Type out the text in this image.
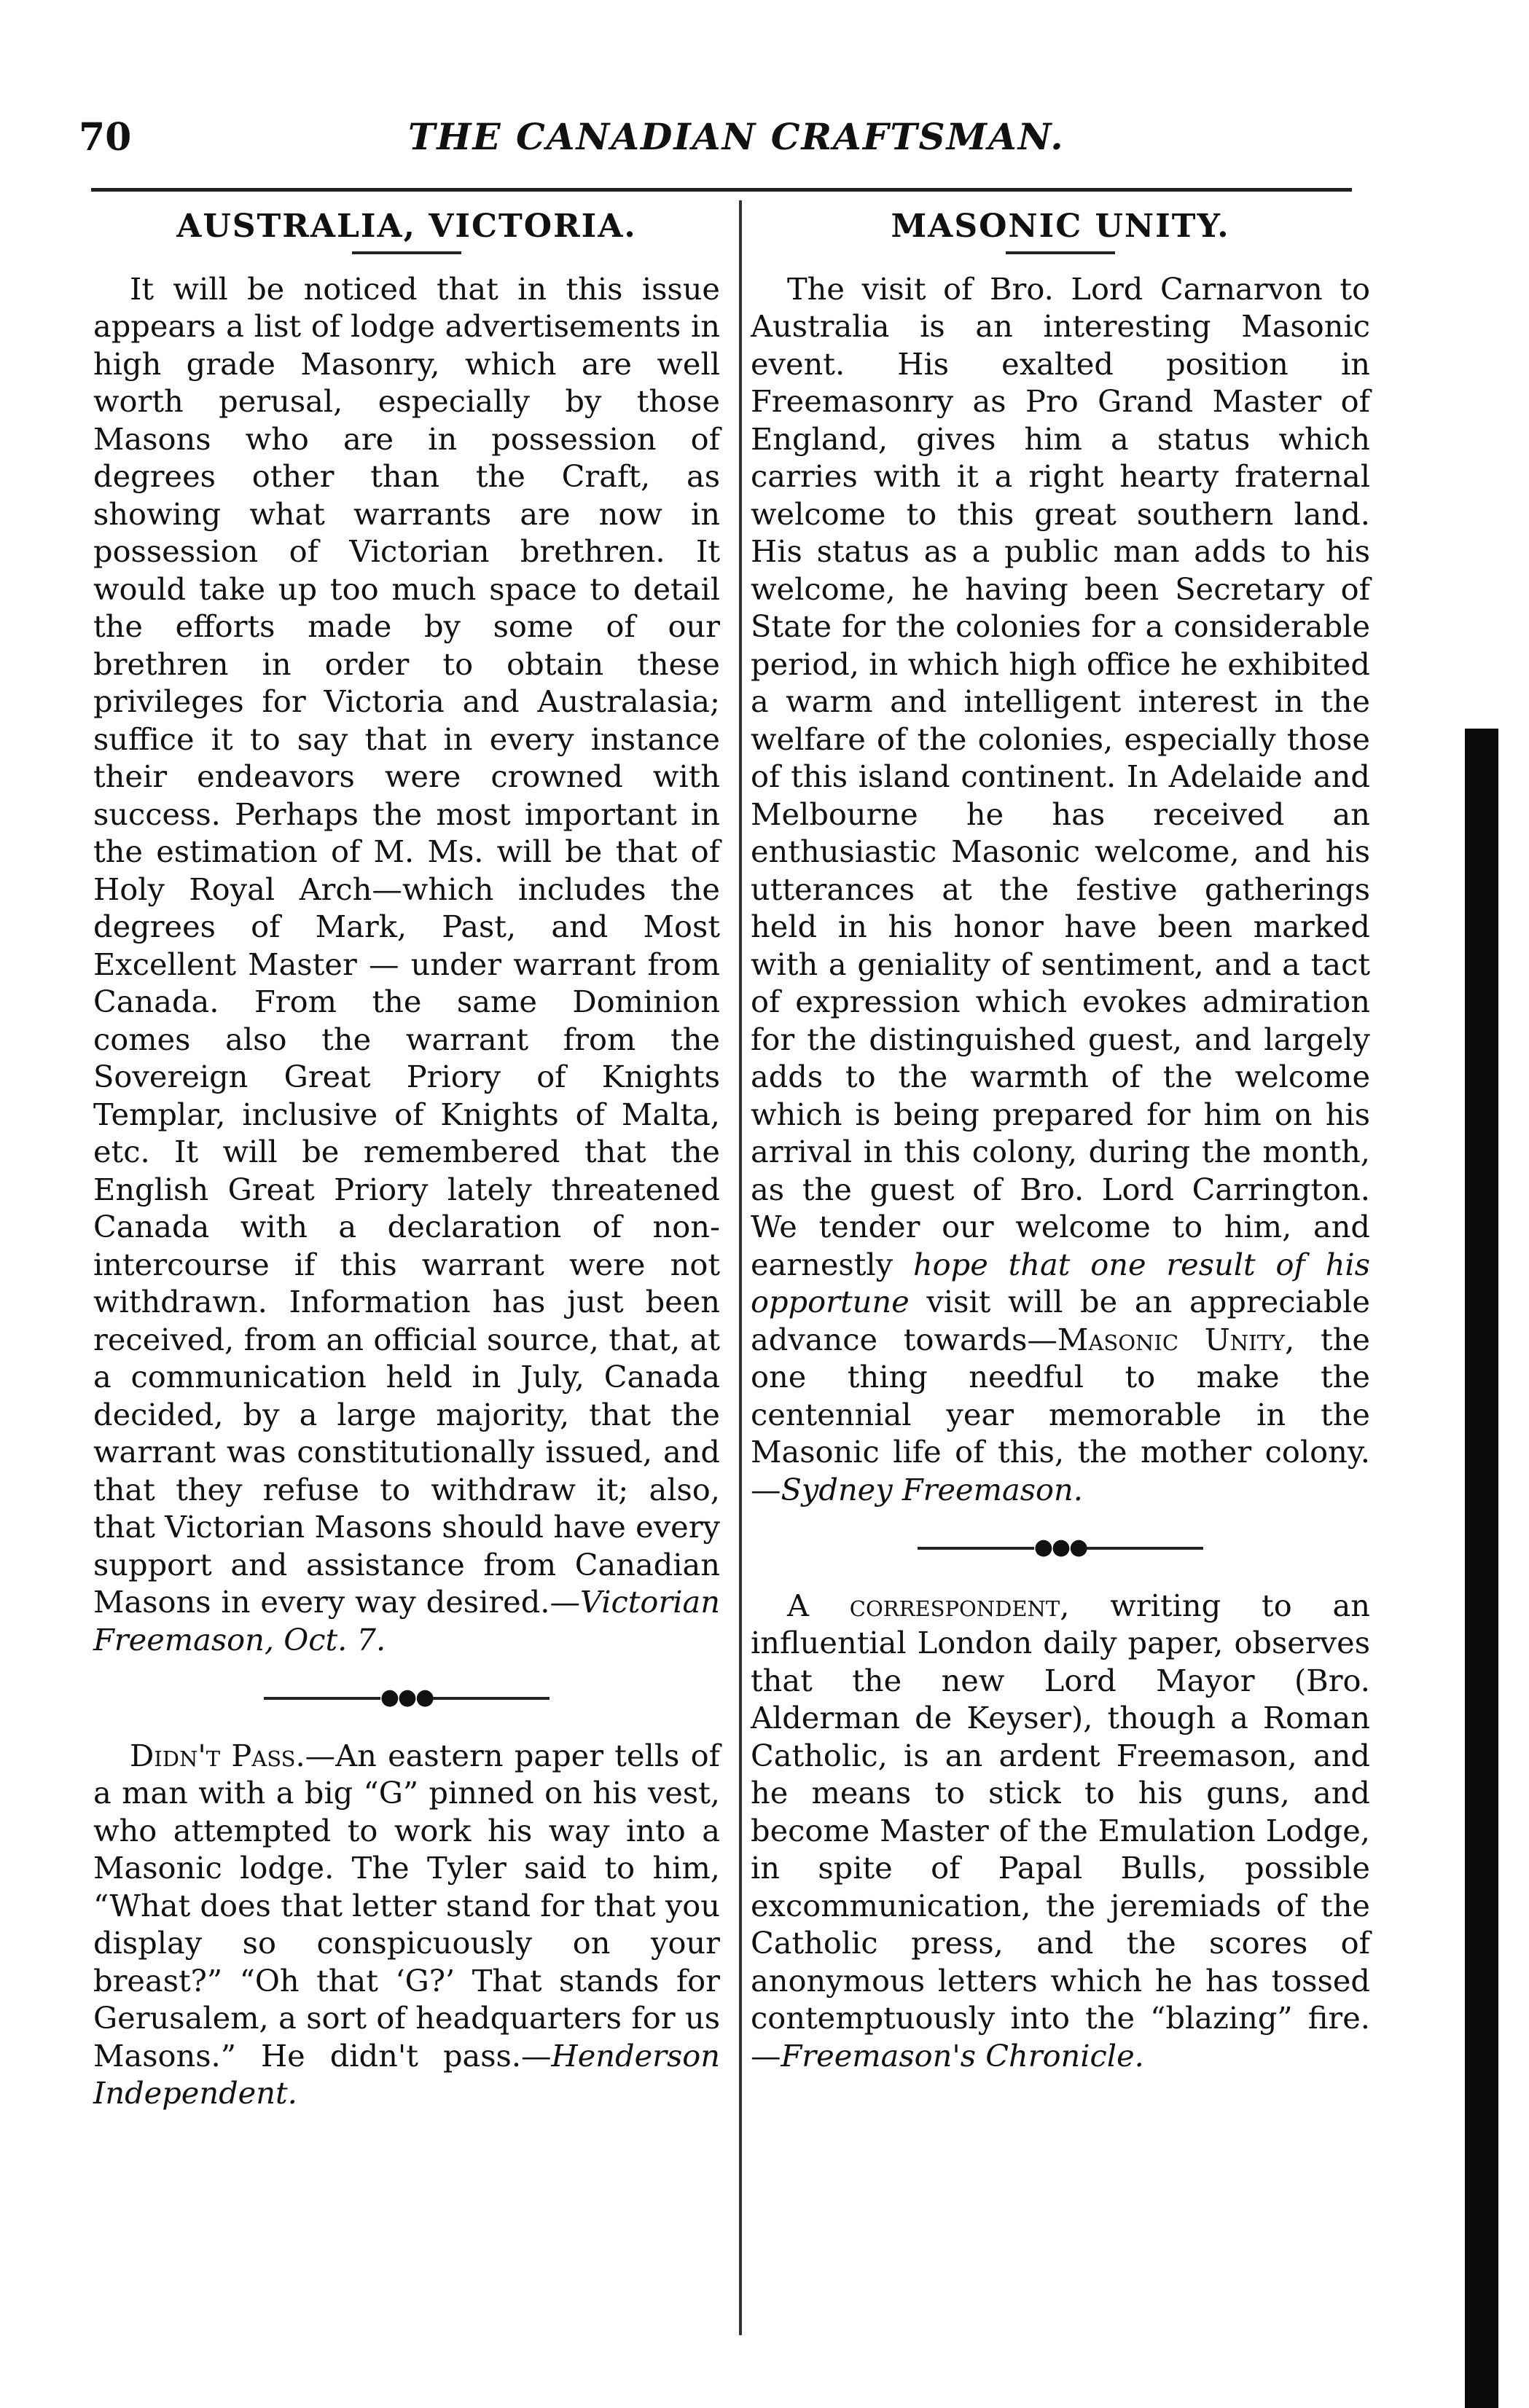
70	THE CANADIAN CRAFTSMAN.
AUSTRALIA, VICTORIA.

It will be noticed that in this issue appears a list of lodge advertisements in high grade Masonry, which are well worth perusal, especially by those Masons who are in possession of degrees other than the Craft, as showing what warrants are now in possession of Victorian brethren. It would take up too much space to detail the efforts made by some of our brethren in order to obtain these privileges for Victoria and Australasia; suffice it to say that in every instance their endeavors were crowned with success. Perhaps the most important in the estimation of M. Ms. will be that of Holy Royal Arch—which includes the degrees of Mark, Past, and Most Excellent Master — under warrant from Canada. From the same Dominion comes also the warrant from the Sovereign Great Priory of Knights Templar, inclusive of Knights of Malta, etc. It will be remembered that the English Great Priory lately threatened Canada with a declaration of non-intercourse if this warrant were not withdrawn. Information has just been received, from an official source, that, at a communication held in July, Canada decided, by a large majority, that the warrant was constitutionally issued, and that they refuse to withdraw it; also, that Victorian Masons should have every support and assistance from Canadian Masons in every way desired.—Victorian Freemason, Oct. 7.

●●●

Didn't Pass.—An eastern paper tells of a man with a big “G” pinned on his vest, who attempted to work his way into a Masonic lodge. The Tyler said to him, “What does that letter stand for that you display so conspicuously on your breast?” “Oh that ‘G?’ That stands for Gerusalem, a sort of headquarters for us Masons.” He didn't pass.—Henderson Independent.

MASONIC UNITY.

The visit of Bro. Lord Carnarvon to Australia is an interesting Masonic event. His exalted position in Freemasonry as Pro Grand Master of England, gives him a status which carries with it a right hearty fraternal welcome to this great southern land. His status as a public man adds to his welcome, he having been Secretary of State for the colonies for a considerable period, in which high office he exhibited a warm and intelligent interest in the welfare of the colonies, especially those of this island continent. In Adelaide and Melbourne he has received an enthusiastic Masonic welcome, and his utterances at the festive gatherings held in his honor have been marked with a geniality of sentiment, and a tact of expression which evokes admiration for the distinguished guest, and largely adds to the warmth of the welcome which is being prepared for him on his arrival in this colony, during the month, as the guest of Bro. Lord Carrington. We tender our welcome to him, and earnestly hope that one result of his opportune visit will be an appreciable advance towards—Masonic Unity, the one thing needful to make the centennial year memorable in the Masonic life of this, the mother colony.—Sydney Freemason.

●●●

A correspondent, writing to an influential London daily paper, observes that the new Lord Mayor (Bro. Alderman de Keyser), though a Roman Catholic, is an ardent Freemason, and he means to stick to his guns, and become Master of the Emulation Lodge, in spite of Papal Bulls, possible excommunication, the jeremiads of the Catholic press, and the scores of anonymous letters which he has tossed contemptuously into the “blazing” fire.—Freemason's Chronicle.
